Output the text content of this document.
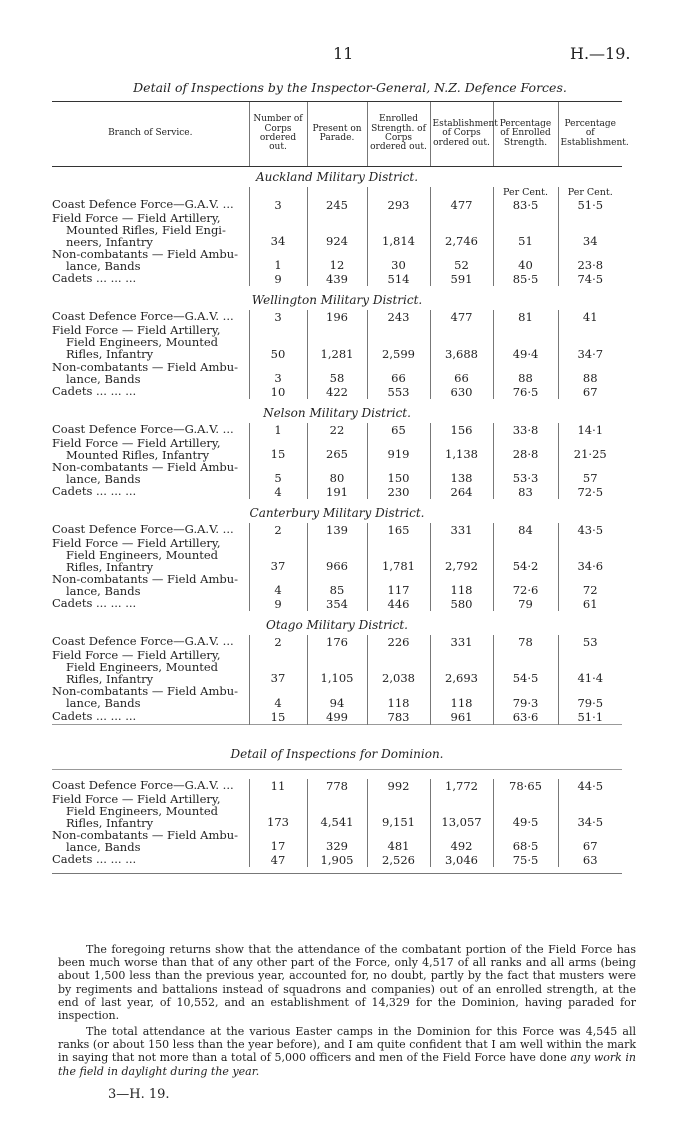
11	H.—19.
Detail of Inspections by the Inspector-General, N.Z. Defence Forces.
Branch of Service.	Number of Corps ordered out.	Present on Parade.	Enrolled Strength. of Corps ordered out.	Establishment of Corps ordered out.	Percentage of Enrolled Strength.	Percentage of Establishment.
Auckland Military District.						
					Per Cent.	Per Cent.

Coast Defence Force—G.A.V. ...	3	245	293	477	83·5	51·5

Field Force — Field Artillery,
Mounted Rifles, Field Engi-
neers, Infantry	34	924	1,814	2,746	51	34

Non-combatants — Field Ambu-
lance, Bands	1	12	30	52	40	23·8

Cadets ... ... ...	9	439	514	591	85·5	74·5

Wellington Military District.						

Coast Defence Force—G.A.V. ...	3	196	243	477	81	41

Field Force — Field Artillery,
Field Engineers, Mounted
Rifles, Infantry	50	1,281	2,599	3,688	49·4	34·7

Non-combatants — Field Ambu-
lance, Bands	3	58	66	66	88	88

Cadets ... ... ...	10	422	553	630	76·5	67

Nelson Military District.						

Coast Defence Force—G.A.V. ...	1	22	65	156	33·8	14·1

Field Force — Field Artillery,
Mounted Rifles, Infantry	15	265	919	1,138	28·8	21·25

Non-combatants — Field Ambu-
lance, Bands	5	80	150	138	53·3	57

Cadets ... ... ...	4	191	230	264	83	72·5

Canterbury Military District.						

Coast Defence Force—G.A.V. ...	2	139	165	331	84	43·5

Field Force — Field Artillery,
Field Engineers, Mounted
Rifles, Infantry	37	966	1,781	2,792	54·2	34·6

Non-combatants — Field Ambu-
lance, Bands	4	85	117	118	72·6	72

Cadets ... ... ...	9	354	446	580	79	61

Otago Military District.						

Coast Defence Force—G.A.V. ...	2	176	226	331	78	53

Field Force — Field Artillery,
Field Engineers, Mounted
Rifles, Infantry	37	1,105	2,038	2,693	54·5	41·4

Non-combatants — Field Ambu-
lance, Bands	4	94	118	118	79·3	79·5

Cadets ... ... ...	15	499	783	961	63·6	51·1

Detail of Inspections for Dominion.						

Coast Defence Force—G.A.V. ...	11	778	992	1,772	78·65	44·5

Field Force — Field Artillery,
Field Engineers, Mounted
Rifles, Infantry	173	4,541	9,151	13,057	49·5	34·5

Non-combatants — Field Ambu-
lance, Bands	17	329	481	492	68·5	67

Cadets ... ... ...	47	1,905	2,526	3,046	75·5	63

The foregoing returns show that the attendance of the combatant portion of the Field Force has been much worse than that of any other part of the Force, only 4,517 of all ranks and all arms (being about 1,500 less than the previous year, accounted for, no doubt, partly by the fact that musters were by regiments and battalions instead of squadrons and companies) out of an enrolled strength, at the end of last year, of 10,552, and an establishment of 14,329 for the Dominion, having paraded for inspection.

The total attendance at the various Easter camps in the Dominion for this Force was 4,545 all ranks (or about 150 less than the year before), and I am quite confident that I am well within the mark in saying that not more than a total of 5,000 officers and men of the Field Force have done any work in the field in daylight during the year.

3—H. 19.
